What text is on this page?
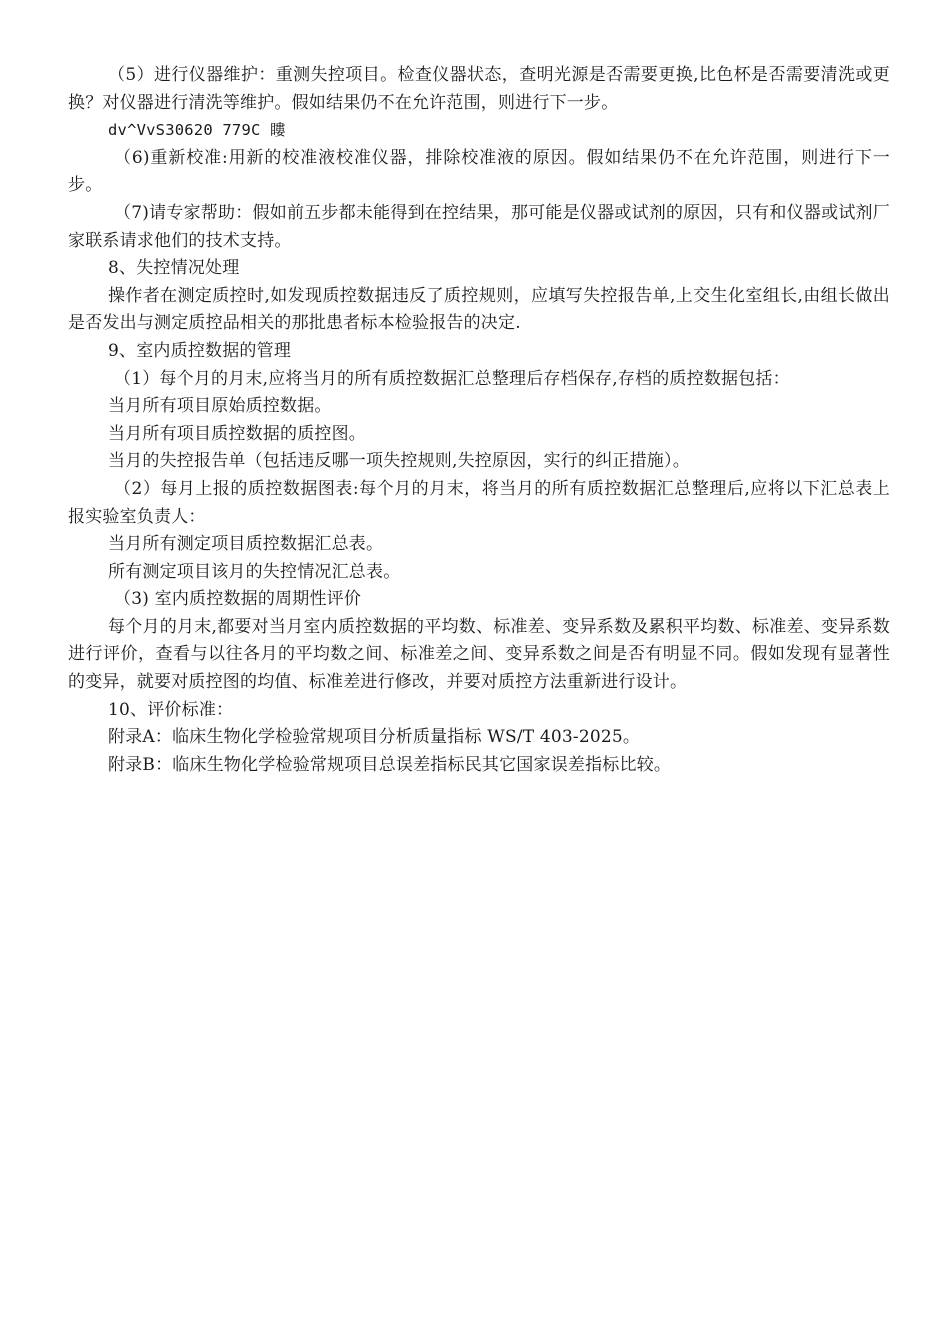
（5）进行仪器维护：重测失控项目。检查仪器状态，查明光源是否需要更换,比色杯是否需要清洗或更换？对仪器进行清洗等维护。假如结果仍不在允许范围，则进行下一步。

dv^VvS30620 779C 瞜

（6)重新校准:用新的校准液校准仪器，排除校准液的原因。假如结果仍不在允许范围，则进行下一步。

（7)请专家帮助：假如前五步都未能得到在控结果，那可能是仪器或试剂的原因，只有和仪器或试剂厂家联系请求他们的技术支持。

8、失控情况处理

操作者在测定质控时,如发现质控数据违反了质控规则，应填写失控报告单,上交生化室组长,由组长做出是否发出与测定质控品相关的那批患者标本检验报告的决定.

9、室内质控数据的管理

（1）每个月的月末,应将当月的所有质控数据汇总整理后存档保存,存档的质控数据包括：

当月所有项目原始质控数据。

当月所有项目质控数据的质控图。

当月的失控报告单（包括违反哪一项失控规则,失控原因，实行的纠正措施）。

（2）每月上报的质控数据图表:每个月的月末，将当月的所有质控数据汇总整理后,应将以下汇总表上报实验室负责人：

当月所有测定项目质控数据汇总表。

所有测定项目该月的失控情况汇总表。

（3) 室内质控数据的周期性评价

每个月的月末,都要对当月室内质控数据的平均数、标准差、变异系数及累积平均数、标准差、变异系数进行评价，查看与以往各月的平均数之间、标准差之间、变异系数之间是否有明显不同。假如发现有显著性的变异，就要对质控图的均值、标准差进行修改，并要对质控方法重新进行设计。

10、评价标准：

附录A：临床生物化学检验常规项目分析质量指标 WS/T 403-2025。

附录B：临床生物化学检验常规项目总误差指标民其它国家误差指标比较。
